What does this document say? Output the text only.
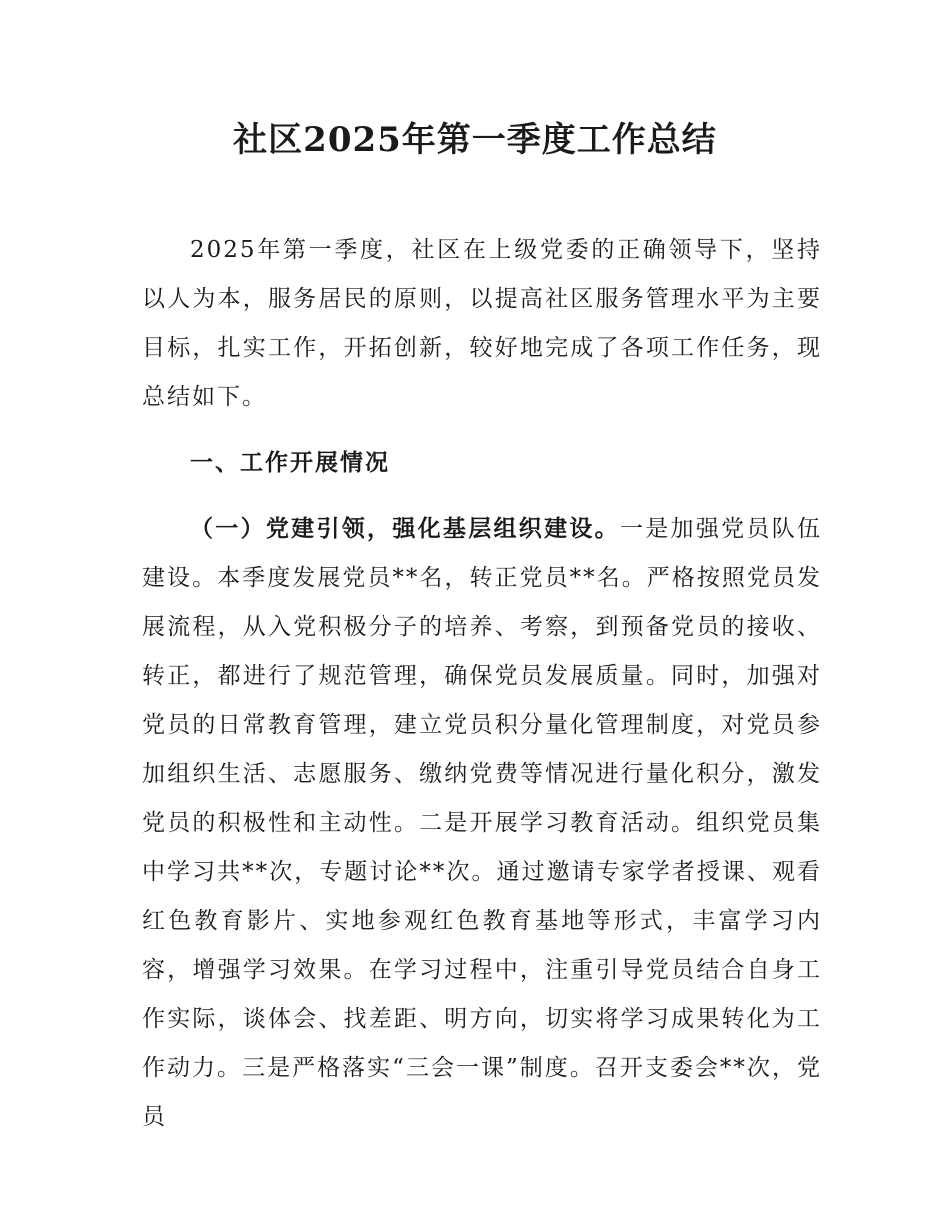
社区2025年第一季度工作总结

2025年第一季度，社区在上级党委的正确领导下，坚持以人为本，服务居民的原则，以提高社区服务管理水平为主要目标，扎实工作，开拓创新，较好地完成了各项工作任务，现总结如下。

一、工作开展情况

（一）党建引领，强化基层组织建设。一是加强党员队伍建设。本季度发展党员**名，转正党员**名。严格按照党员发展流程，从入党积极分子的培养、考察，到预备党员的接收、转正，都进行了规范管理，确保党员发展质量。同时，加强对党员的日常教育管理，建立党员积分量化管理制度，对党员参加组织生活、志愿服务、缴纳党费等情况进行量化积分，激发党员的积极性和主动性。二是开展学习教育活动。组织党员集中学习共**次，专题讨论**次。通过邀请专家学者授课、观看红色教育影片、实地参观红色教育基地等形式，丰富学习内容，增强学习效果。在学习过程中，注重引导党员结合自身工作实际，谈体会、找差距、明方向，切实将学习成果转化为工作动力。三是严格落实“三会一课”制度。召开支委会**次，党员
